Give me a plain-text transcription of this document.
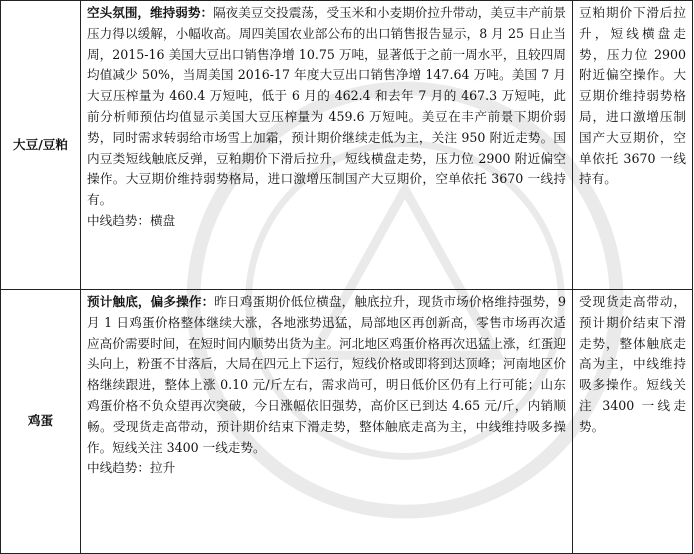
大豆/豆粕	空头氛围，维持弱势：隔夜美豆交投震荡，受玉米和小麦期价拉升带动，美豆丰产前景压力得以缓解，小幅收高。周四美国农业部公布的出口销售报告显示，8 月 25 日止当周，2015-16 美国大豆出口销售净增 10.75 万吨，显著低于之前一周水平，且较四周均值减少 50%，当周美国 2016-17 年度大豆出口销售净增 147.64 万吨。美国 7 月大豆压榨量为 460.4 万短吨，低于 6 月的 462.4 和去年 7 月的 467.3 万短吨，此前分析师预估均值显示美国大豆压榨量为 459.6 万短吨。美豆在丰产前景下期价弱势，同时需求转弱给市场雪上加霜，预计期价继续走低为主，关注 950 附近走势。国内豆类短线触底反弹，豆粕期价下滑后拉升，短线横盘走势，压力位 2900 附近偏空操作。大豆期价维持弱势格局，进口激增压制国产大豆期价，空单依托 3670 一线持有。
中线趋势：横盘	豆粕期价下滑后拉升，短线横盘走势，压力位 2900 附近偏空操作。大豆期价维持弱势格局，进口激增压制国产大豆期价，空单依托 3670 一线持有。
鸡蛋	预计触底，偏多操作：昨日鸡蛋期价低位横盘，触底拉升，现货市场价格维持强势，9 月 1 日鸡蛋价格整体继续大涨，各地涨势迅猛，局部地区再创新高，零售市场再次适应高价需要时间，在短时间内顺势出货为主。河北地区鸡蛋价格再次迅猛上涨，红蛋迎头向上，粉蛋不甘落后，大局在四元上下运行，短线价格或即将到达顶峰；河南地区价格继续跟进，整体上涨 0.10 元/斤左右，需求尚可，明日低价区仍有上行可能；山东鸡蛋价格不负众望再次突破，今日涨幅依旧强势，高价区已到达 4.65 元/斤，内销顺畅。受现货走高带动，预计期价结束下滑走势，整体触底走高为主，中线维持吸多操作。短线关注 3400 一线走势。
中线趋势：拉升	受现货走高带动，预计期价结束下滑走势，整体触底走高为主，中线维持吸多操作。短线关注 3400 一线走势。
